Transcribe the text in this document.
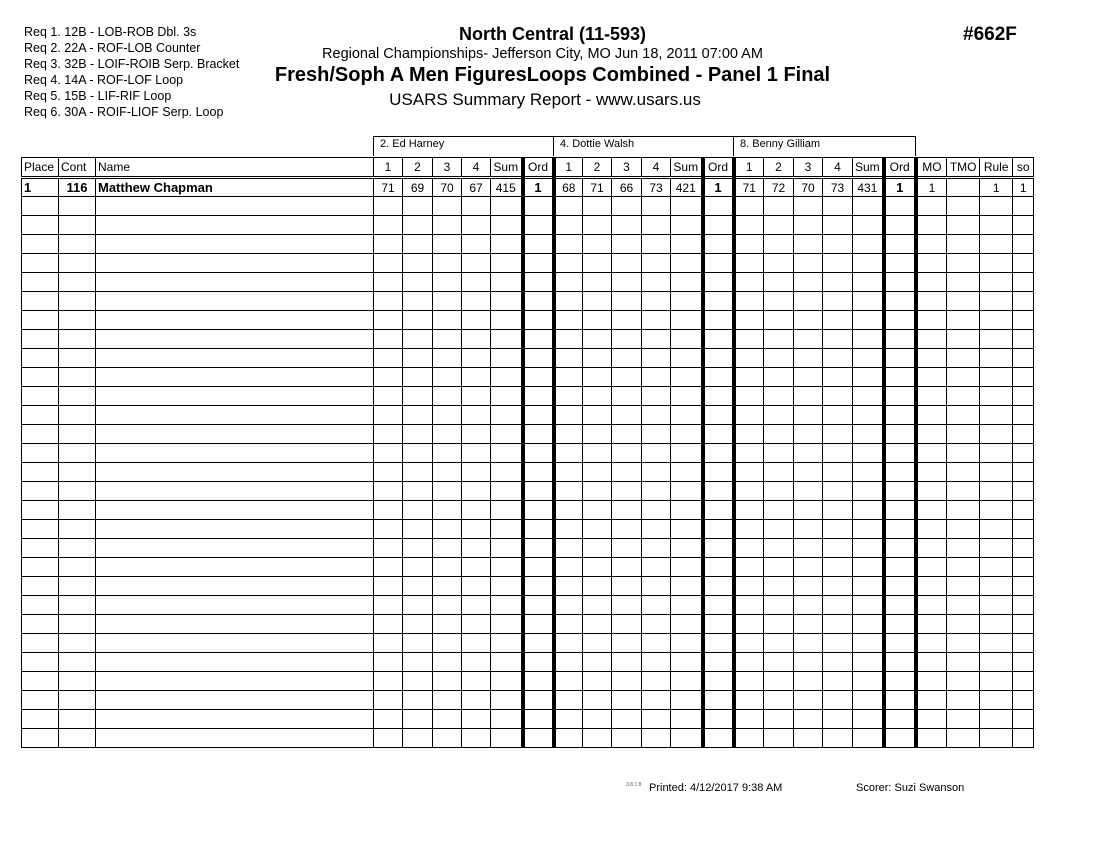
Req 1. 12B - LOB-ROB Dbl. 3s
Req 2. 22A - ROF-LOB Counter
Req 3. 32B - LOIF-ROIB Serp. Bracket
Req 4. 14A - ROF-LOF Loop
Req 5. 15B - LIF-RIF Loop
Req 6. 30A - ROIF-LIOF Serp. Loop
North Central (11-593)
Regional Championships- Jefferson City, MO Jun 18, 2011 07:00 AM
Fresh/Soph A Men FiguresLoops Combined - Panel 1 Final
USARS Summary Report - www.usars.us
#662F
2. Ed Harney	4. Dottie Walsh	8. Benny Gilliam
Place	Cont	Name	1	2	3	4	Sum	Ord	1	2	3	4	Sum	Ord	1	2	3	4	Sum	Ord	MO	TMO	Rule	so
1	116	Matthew Chapman	71	69	70	67	415	1	68	71	66	73	421	1	71	72	70	73	431	1	1		1	1

3.8.1.8 Printed: 4/12/2017 9:38 AM	Scorer: Suzi Swanson
